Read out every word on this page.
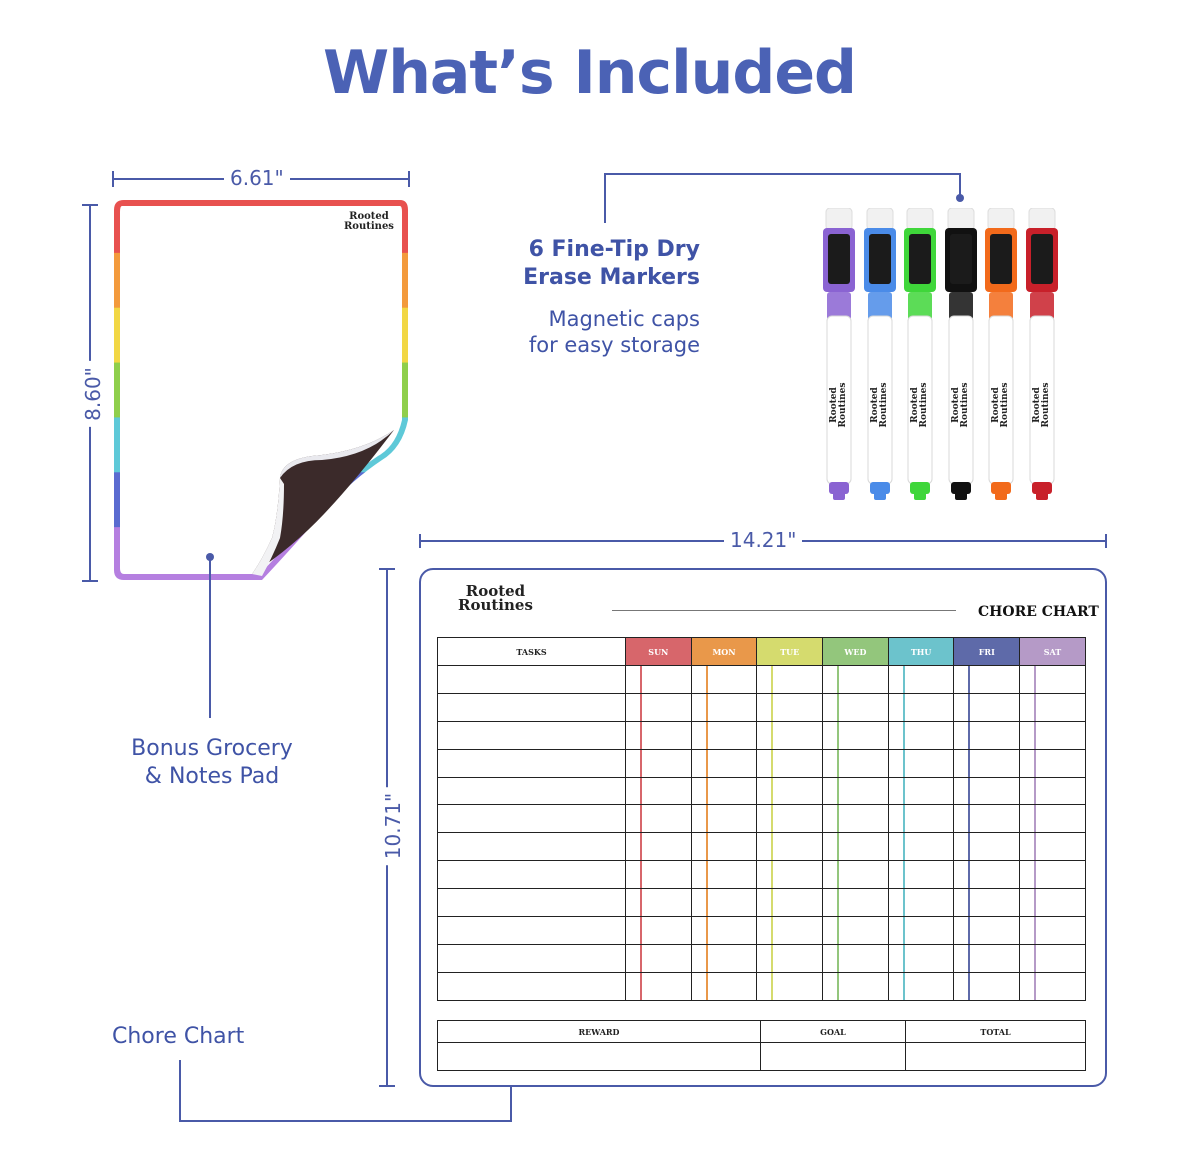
What’s Included
6.61"
8.60"
Rooted
Routines
Bonus Grocery
& Notes Pad
6 Fine-Tip Dry
Erase Markers
Magnetic caps
for easy storage
Rooted Routines Rooted Routines Rooted Routines Rooted Routines Rooted Routines Rooted Routines
14.21"
10.71"
Chore Chart
Rooted
Routines	CHORE CHART
TASKS	SUN	MON	TUE	WED	THU	FRI	SAT

REWARD	GOAL	TOTAL
